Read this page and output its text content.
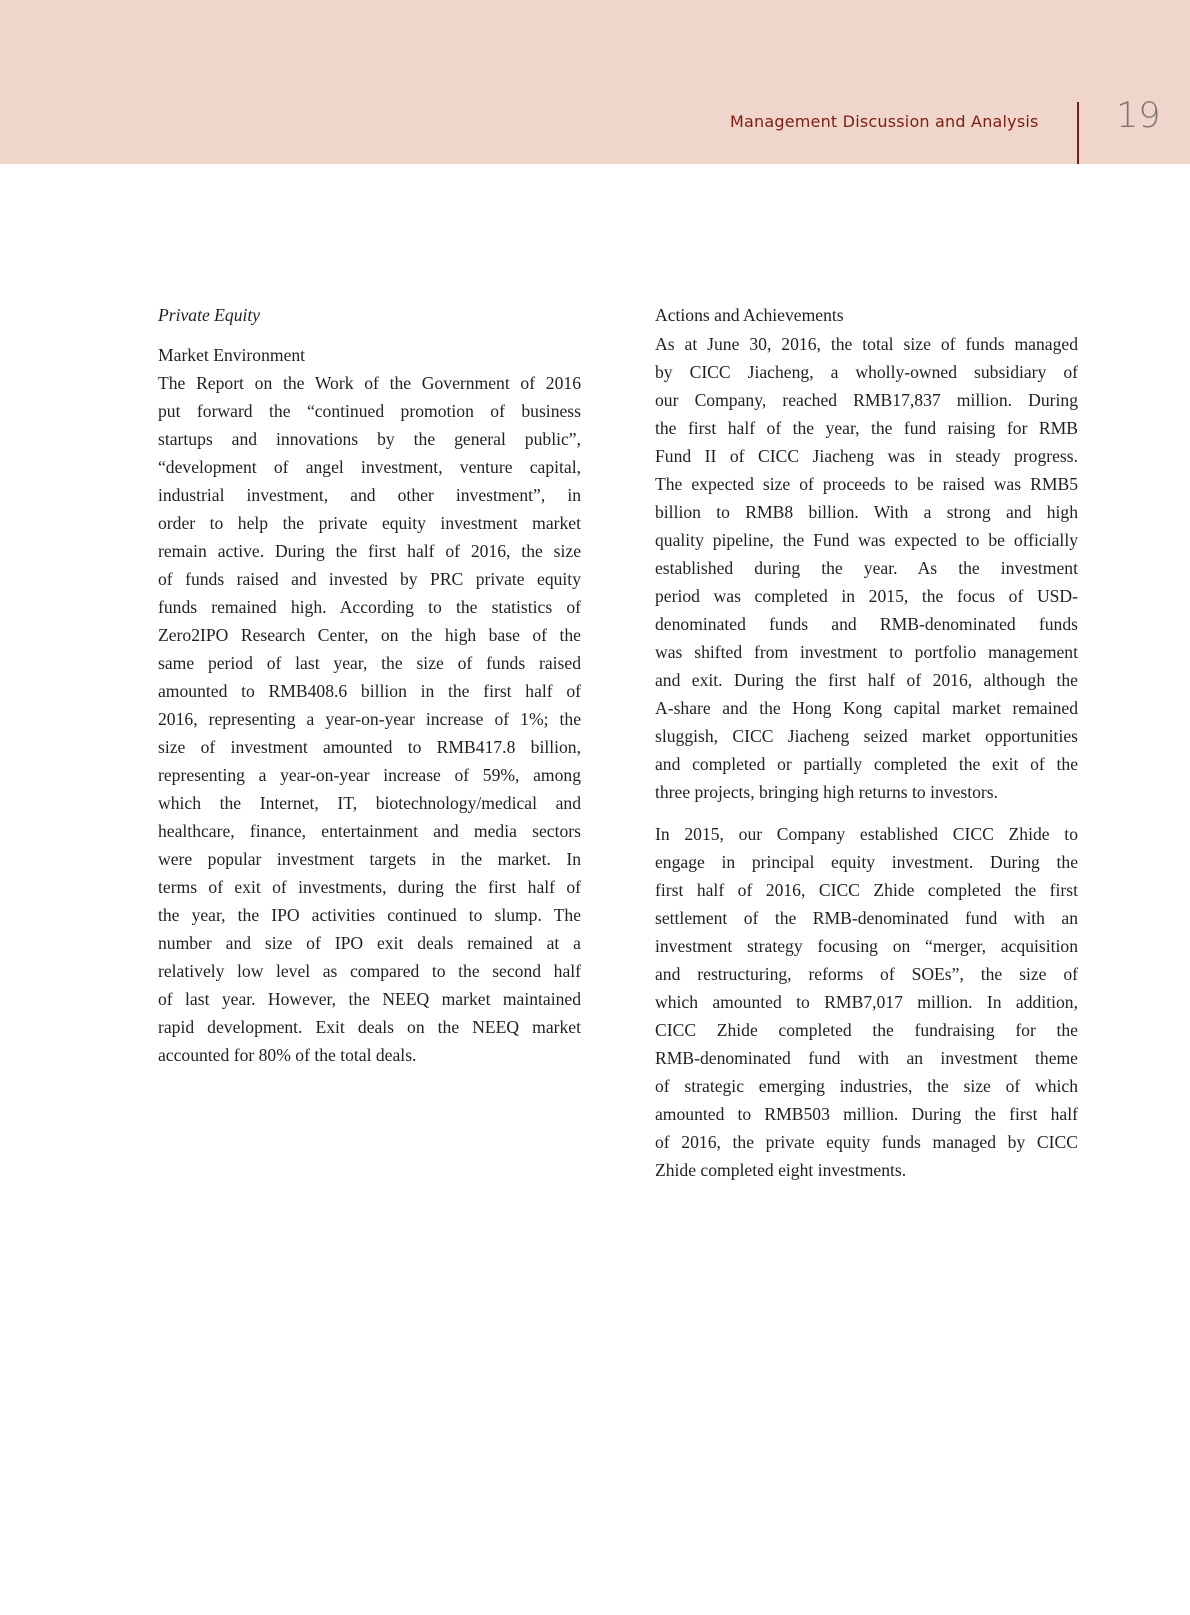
Management Discussion and Analysis 19
Private Equity
Market Environment
The Report on the Work of the Government of 2016
put forward the “continued promotion of business
startups and innovations by the general public”,
“development of angel investment, venture capital,
industrial investment, and other investment”, in
order to help the private equity investment market
remain active. During the first half of 2016, the size
of funds raised and invested by PRC private equity
funds remained high. According to the statistics of
Zero2IPO Research Center, on the high base of the
same period of last year, the size of funds raised
amounted to RMB408.6 billion in the first half of
2016, representing a year-on-year increase of 1%; the
size of investment amounted to RMB417.8 billion,
representing a year-on-year increase of 59%, among
which the Internet, IT, biotechnology/medical and
healthcare, finance, entertainment and media sectors
were popular investment targets in the market. In
terms of exit of investments, during the first half of
the year, the IPO activities continued to slump. The
number and size of IPO exit deals remained at a
relatively low level as compared to the second half
of last year. However, the NEEQ market maintained
rapid development. Exit deals on the NEEQ market
accounted for 80% of the total deals.
Actions and Achievements
As at June 30, 2016, the total size of funds managed
by CICC Jiacheng, a wholly-owned subsidiary of
our Company, reached RMB17,837 million. During
the first half of the year, the fund raising for RMB
Fund II of CICC Jiacheng was in steady progress.
The expected size of proceeds to be raised was RMB5
billion to RMB8 billion. With a strong and high
quality pipeline, the Fund was expected to be officially
established during the year. As the investment
period was completed in 2015, the focus of USD-
denominated funds and RMB-denominated funds
was shifted from investment to portfolio management
and exit. During the first half of 2016, although the
A-share and the Hong Kong capital market remained
sluggish, CICC Jiacheng seized market opportunities
and completed or partially completed the exit of the
three projects, bringing high returns to investors.
In 2015, our Company established CICC Zhide to
engage in principal equity investment. During the
first half of 2016, CICC Zhide completed the first
settlement of the RMB-denominated fund with an
investment strategy focusing on “merger, acquisition
and restructuring, reforms of SOEs”, the size of
which amounted to RMB7,017 million. In addition,
CICC Zhide completed the fundraising for the
RMB-denominated fund with an investment theme
of strategic emerging industries, the size of which
amounted to RMB503 million. During the first half
of 2016, the private equity funds managed by CICC
Zhide completed eight investments.
